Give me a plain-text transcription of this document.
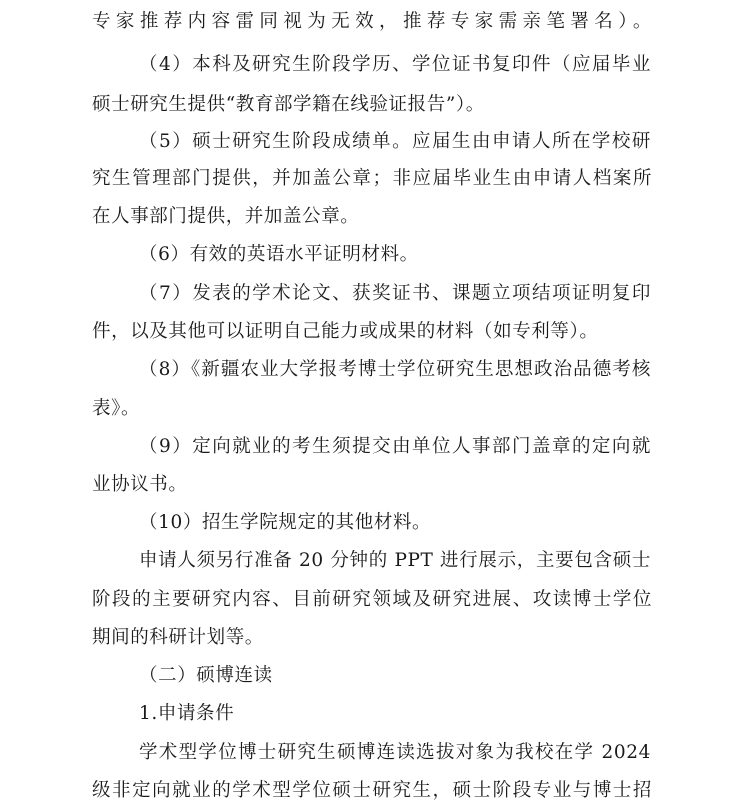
专家推荐内容雷同视为无效，推荐专家需亲笔署名）。
（4）本科及研究生阶段学历、学位证书复印件（应届毕业
硕士研究生提供“教育部学籍在线验证报告”）。
（5）硕士研究生阶段成绩单。应届生由申请人所在学校研
究生管理部门提供，并加盖公章；非应届毕业生由申请人档案所
在人事部门提供，并加盖公章。
（6）有效的英语水平证明材料。
（7）发表的学术论文、获奖证书、课题立项结项证明复印
件，以及其他可以证明自己能力或成果的材料（如专利等）。
（8）《新疆农业大学报考博士学位研究生思想政治品德考核
表》。
（9）定向就业的考生须提交由单位人事部门盖章的定向就
业协议书。
（10）招生学院规定的其他材料。
申请人须另行准备 20 分钟的 PPT 进行展示，主要包含硕士
阶段的主要研究内容、目前研究领域及研究进展、攻读博士学位
期间的科研计划等。
（二）硕博连读
1.申请条件
学术型学位博士研究生硕博连读选拔对象为我校在学 2024
级非定向就业的学术型学位硕士研究生，硕士阶段专业与博士招
